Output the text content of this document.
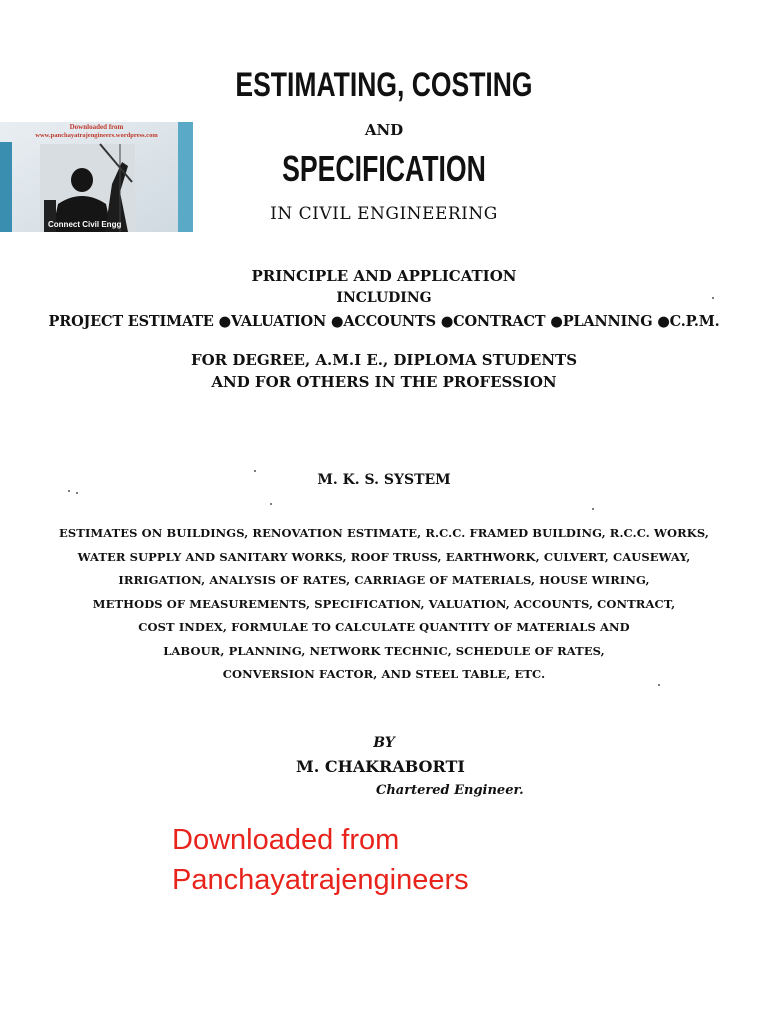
Downloaded from
www.panchayatrajengineers.wordpress.com
Connect Civil Engg
ESTIMATING, COSTING
AND
SPECIFICATION
IN CIVIL ENGINEERING
PRINCIPLE AND APPLICATION
INCLUDING
PROJECT ESTIMATE ●VALUATION ●ACCOUNTS ●CONTRACT ●PLANNING ●C.P.M.
FOR DEGREE, A.M.I E., DIPLOMA STUDENTS
AND FOR OTHERS IN THE PROFESSION
M. K. S. SYSTEM
ESTIMATES ON BUILDINGS, RENOVATION ESTIMATE, R.C.C. FRAMED BUILDING, R.C.C. WORKS,
WATER SUPPLY AND SANITARY WORKS, ROOF TRUSS, EARTHWORK, CULVERT, CAUSEWAY,
IRRIGATION, ANALYSIS OF RATES, CARRIAGE OF MATERIALS, HOUSE WIRING,
METHODS OF MEASUREMENTS, SPECIFICATION, VALUATION, ACCOUNTS, CONTRACT,
COST INDEX, FORMULAE TO CALCULATE QUANTITY OF MATERIALS AND
LABOUR, PLANNING, NETWORK TECHNIC, SCHEDULE OF RATES,
CONVERSION FACTOR, AND STEEL TABLE, ETC.
BY
M. CHAKRABORTI
Chartered Engineer.
Downloaded from
Panchayatrajengineers
